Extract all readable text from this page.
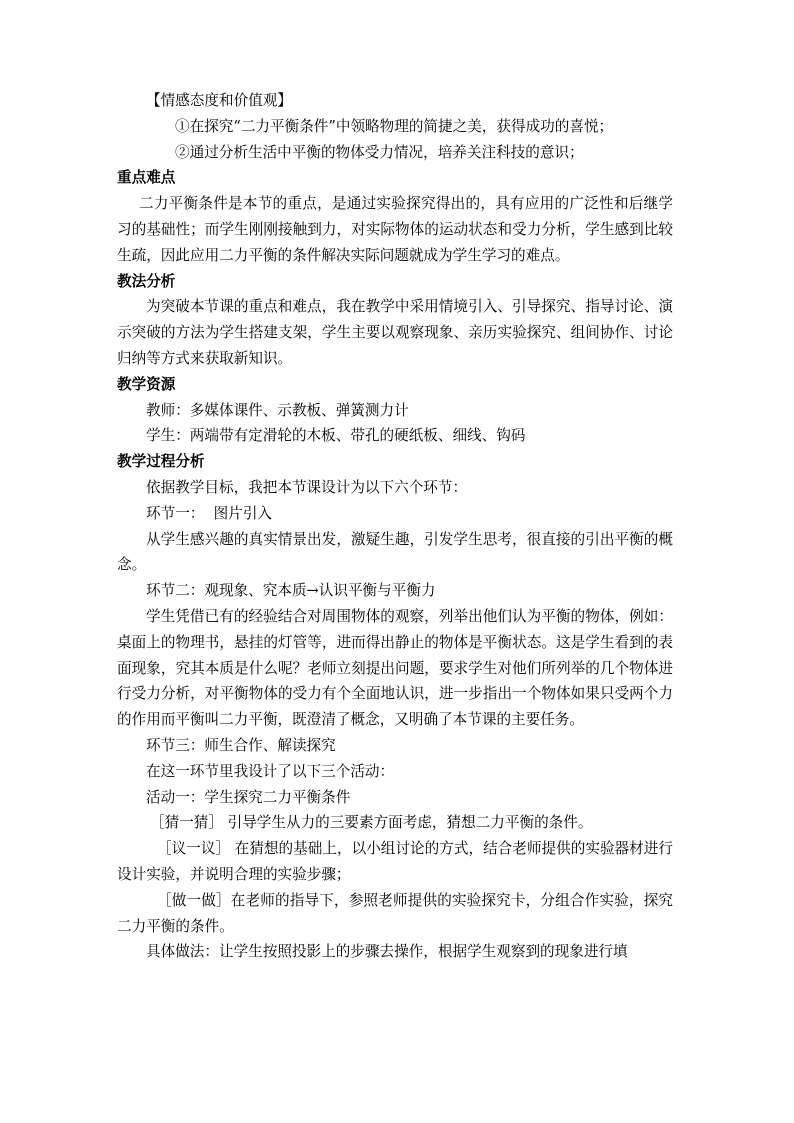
【情感态度和价值观】

①在探究“二力平衡条件”中领略物理的简捷之美，获得成功的喜悦；

②通过分析生活中平衡的物体受力情况，培养关注科技的意识；

重点难点

二力平衡条件是本节的重点，是通过实验探究得出的，具有应用的广泛性和后继学习的基础性；而学生刚刚接触到力，对实际物体的运动状态和受力分析，学生感到比较生疏，因此应用二力平衡的条件解决实际问题就成为学生学习的难点。

教法分析

为突破本节课的重点和难点，我在教学中采用情境引入、引导探究、指导讨论、演示突破的方法为学生搭建支架，学生主要以观察现象、亲历实验探究、组间协作、讨论归纳等方式来获取新知识。

教学资源

教师：多媒体课件、示教板、弹簧测力计

学生：两端带有定滑轮的木板、带孔的硬纸板、细线、钩码

教学过程分析

依据教学目标，我把本节课设计为以下六个环节：

环节一：  图片引入

从学生感兴趣的真实情景出发，激疑生趣，引发学生思考，很直接的引出平衡的概念。

环节二：观现象、究本质→认识平衡与平衡力

学生凭借已有的经验结合对周围物体的观察，列举出他们认为平衡的物体，例如：桌面上的物理书，悬挂的灯管等，进而得出静止的物体是平衡状态。这是学生看到的表面现象，究其本质是什么呢？老师立刻提出问题，要求学生对他们所列举的几个物体进行受力分析，对平衡物体的受力有个全面地认识，进一步指出一个物体如果只受两个力的作用而平衡叫二力平衡，既澄清了概念，又明确了本节课的主要任务。

环节三：师生合作、解读探究

在这一环节里我设计了以下三个活动：

活动一：学生探究二力平衡条件

［猜一猜］ 引导学生从力的三要素方面考虑，猜想二力平衡的条件。

［议一议］ 在猜想的基础上，以小组讨论的方式，结合老师提供的实验器材进行设计实验，并说明合理的实验步骤；

［做一做］在老师的指导下，参照老师提供的实验探究卡，分组合作实验，探究二力平衡的条件。

具体做法：让学生按照投影上的步骤去操作，根据学生观察到的现象进行填
